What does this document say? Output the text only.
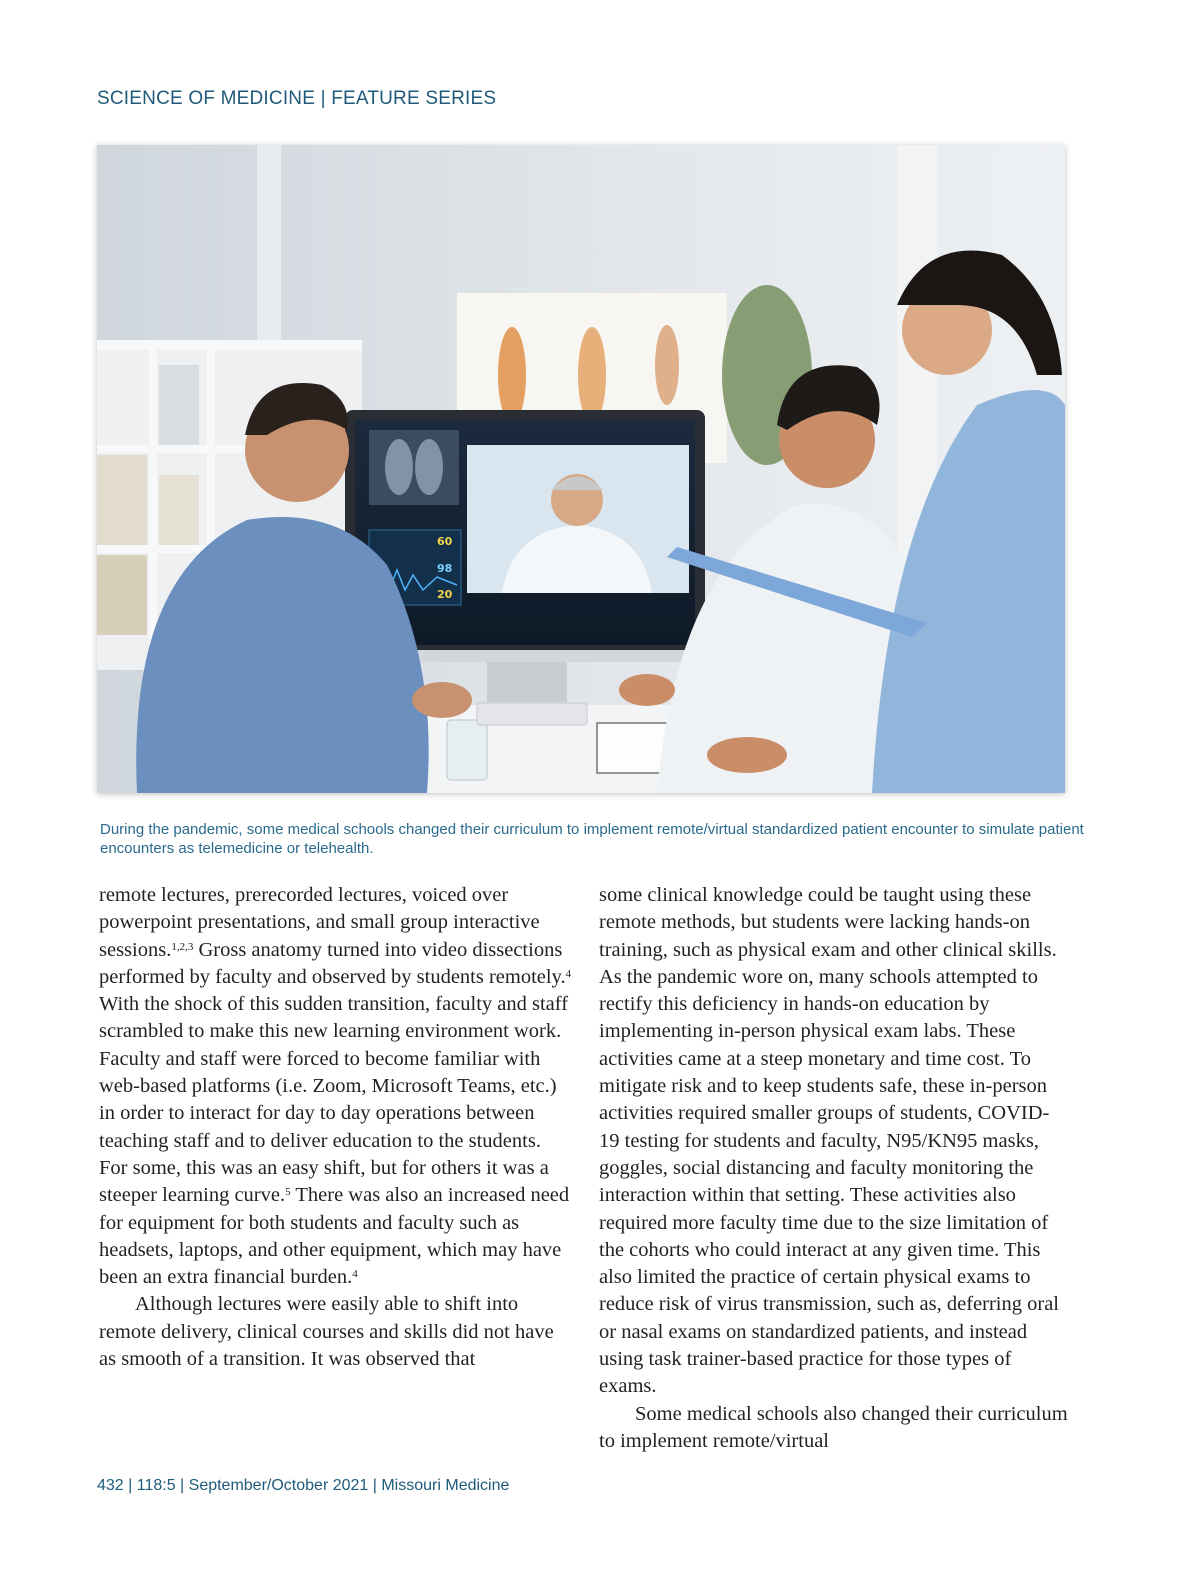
SCIENCE OF MEDICINE | FEATURE SERIES
60
98
20
During the pandemic, some medical schools changed their curriculum to implement remote/virtual standardized patient encounter to simulate patient encounters as telemedicine or telehealth.

remote lectures, prerecorded lectures, voiced over powerpoint presentations, and small group interactive sessions.$^{1,2,3}$ Gross anatomy turned into video dissections performed by faculty and observed by students remotely.$^4$ With the shock of this sudden transition, faculty and staff scrambled to make this new learning environment work. Faculty and staff were forced to become familiar with web-based platforms (i.e. Zoom, Microsoft Teams, etc.) in order to interact for day to day operations between teaching staff and to deliver education to the students. For some, this was an easy shift, but for others it was a steeper learning curve.$^5$ There was also an increased need for equipment for both students and faculty such as headsets, laptops, and other equipment, which may have been an extra financial burden.$^4$

Although lectures were easily able to shift into remote delivery, clinical courses and skills did not have as smooth of a transition. It was observed that

some clinical knowledge could be taught using these remote methods, but students were lacking hands-on training, such as physical exam and other clinical skills. As the pandemic wore on, many schools attempted to rectify this deficiency in hands-on education by implementing in-person physical exam labs. These activities came at a steep monetary and time cost. To mitigate risk and to keep students safe, these in-person activities required smaller groups of students, COVID-19 testing for students and faculty, N95/KN95 masks, goggles, social distancing and faculty monitoring the interaction within that setting. These activities also required more faculty time due to the size limitation of the cohorts who could interact at any given time. This also limited the practice of certain physical exams to reduce risk of virus transmission, such as, deferring oral or nasal exams on standardized patients, and instead using task trainer-based practice for those types of exams.

Some medical schools also changed their curriculum to implement remote/virtual

432 | 118:5 | September/October 2021 | Missouri Medicine
